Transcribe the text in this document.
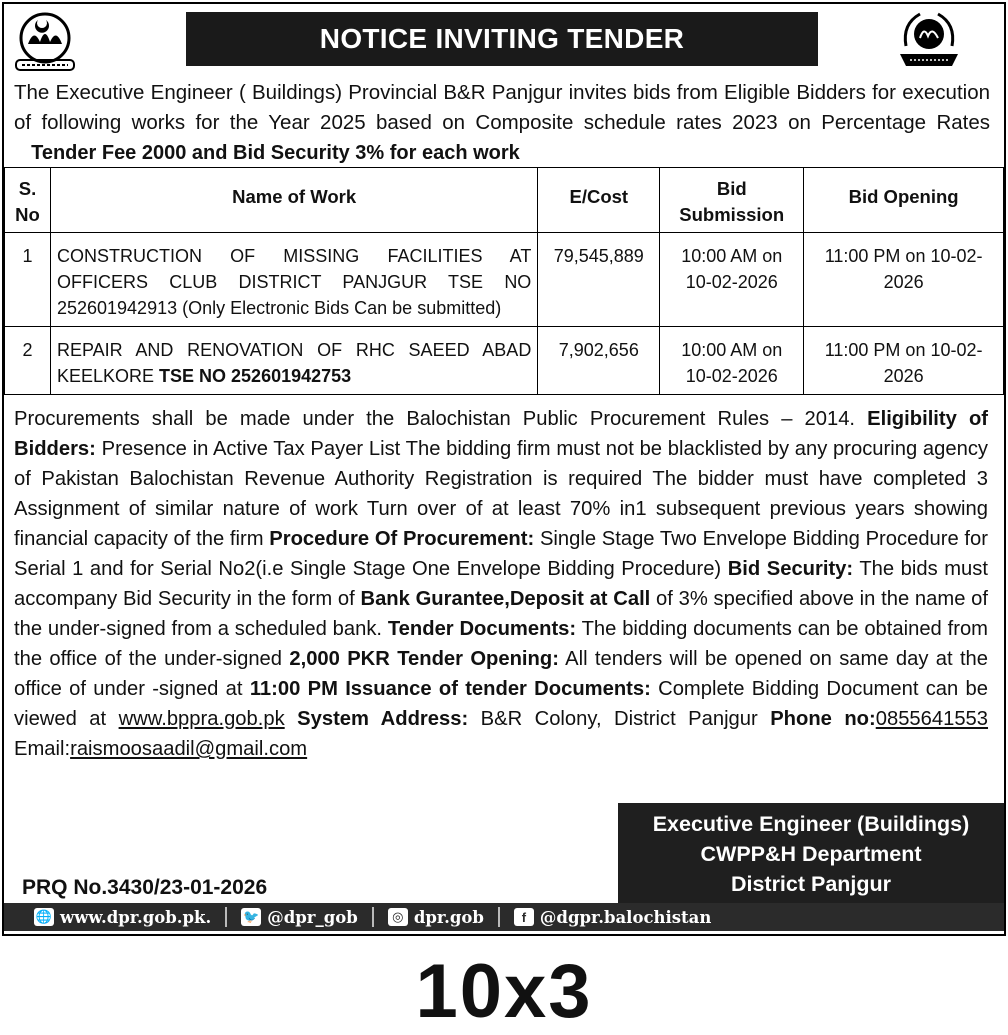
NOTICE INVITING TENDER
The Executive Engineer ( Buildings) Provincial B&R Panjgur invites bids from Eligible Bidders for execution of following works for the Year 2025 based on Composite schedule rates 2023 on Percentage Rates    Tender Fee 2000 and Bid Security 3% for each work
S. No	Name of Work	E/Cost	Bid Submission	Bid Opening
1	CONSTRUCTION OF MISSING FACILITIES AT OFFICERS CLUB DISTRICT PANJGUR TSE NO 252601942913 (Only Electronic Bids Can be submitted)	79,545,889	10:00 AM on 10-02-2026	11:00 PM on 10-02-2026
2	REPAIR AND RENOVATION OF RHC SAEED ABAD KEELKORE TSE NO 252601942753	7,902,656	10:00 AM on 10-02-2026	11:00 PM on 10-02-2026
Procurements shall be made under the Balochistan Public Procurement Rules – 2014. Eligibility of Bidders: Presence in Active Tax Payer List The bidding firm must not be blacklisted by any procuring agency of Pakistan Balochistan Revenue Authority Registration is required The bidder must have completed 3 Assignment of similar nature of work Turn over of at least 70% in1 subsequent previous years showing financial capacity of the firm Procedure Of Procurement: Single Stage Two Envelope Bidding Procedure for Serial 1 and for Serial No2(i.e Single Stage One Envelope Bidding Procedure) Bid Security: The bids must accompany Bid Security in the form of Bank Gurantee,Deposit at Call of 3% specified above in the name of the under-signed from a scheduled bank. Tender Documents: The bidding documents can be obtained from the office of the under-signed 2,000 PKR Tender Opening: All tenders will be opened on same day at the office of under -signed at 11:00 PM Issuance of tender Documents: Complete Bidding Document can be viewed at www.bppra.gob.pk System Address: B&R Colony, District Panjgur Phone no:0855641553 Email:raismoosaadil@gmail.com
Executive Engineer (Buildings)
CWPP&H Department
District Panjgur
PRQ No.3430/23-01-2026
🌐 www.dpr.gob.pk. 🐦 @dpr_gob	◎ dpr.gob	f @dgpr.balochistan
10x3
